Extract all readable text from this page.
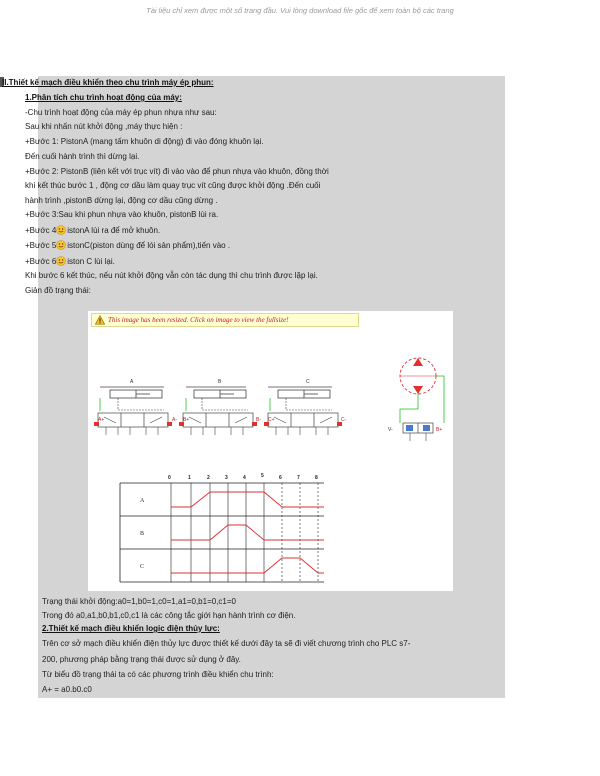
Tài liệu chỉ xem được một số trang đầu. Vui lòng download file gốc để xem toàn bộ các trang
II.Thiết kế mạch điều khiển theo chu trình máy ép phun:
1.Phân tích chu trình hoạt động của máy:
-Chu trình hoạt động của máy ép phun nhựa như sau:
Sau khi nhấn nút khởi động ,máy thực hiện :
+Bước 1: PistonA (mang tấm khuôn di động) đi vào đóng khuôn lại.
Đến cuối hành trình thì dừng lại.
+Bước 2: PistonB (liên kết với trục vít) đi vào vào để phun nhựa vào khuôn, đồng thời
khi kết thúc bước 1 , động cơ dầu làm quay trục vít cũng được khởi động .Đến cuối
hành trình ,pistonB dừng lại, động cơ dầu cũng dừng .
+Bước 3:Sau khi phun nhựa vào khuôn, pistonB lùi ra.
+Bước 4 istonA lùi ra để mở khuôn.
+Bước 5 istonC(piston dùng để lói sản phẩm),tiến vào .
+Bước 6 iston C lùi lại.
Khi bước 6 kết thúc, nếu nút khởi động vẫn còn tác dụng thì chu trình được lặp lại.
Giản đồ trạng thái:
This image has been resized. Click on image to view the fullsize!
A	B	C
A+	A- B+	B- C+	C-
V-	B+
0	1	2	3	4	5	6	7	8
A
B
C
Trạng thái khởi động:a0=1,b0=1,c0=1,a1=0,b1=0,c1=0
Trong đó a0,a1,b0,b1,c0,c1 là các công tắc giới hạn hành trình cơ điện.
2.Thiết kế mạch điều khiển logic điện thủy lực:
Trên cơ sở mạch điều khiển điện thủy lực được thiết kế dưới đây ta sẽ đi viết chương trình cho PLC s7-
200, phương pháp bằng trạng thái được sử dụng ở đây.
Từ biểu đồ trạng thái ta có các phương trình điều khiển chu trình:
A+ = a0.b0.c0
